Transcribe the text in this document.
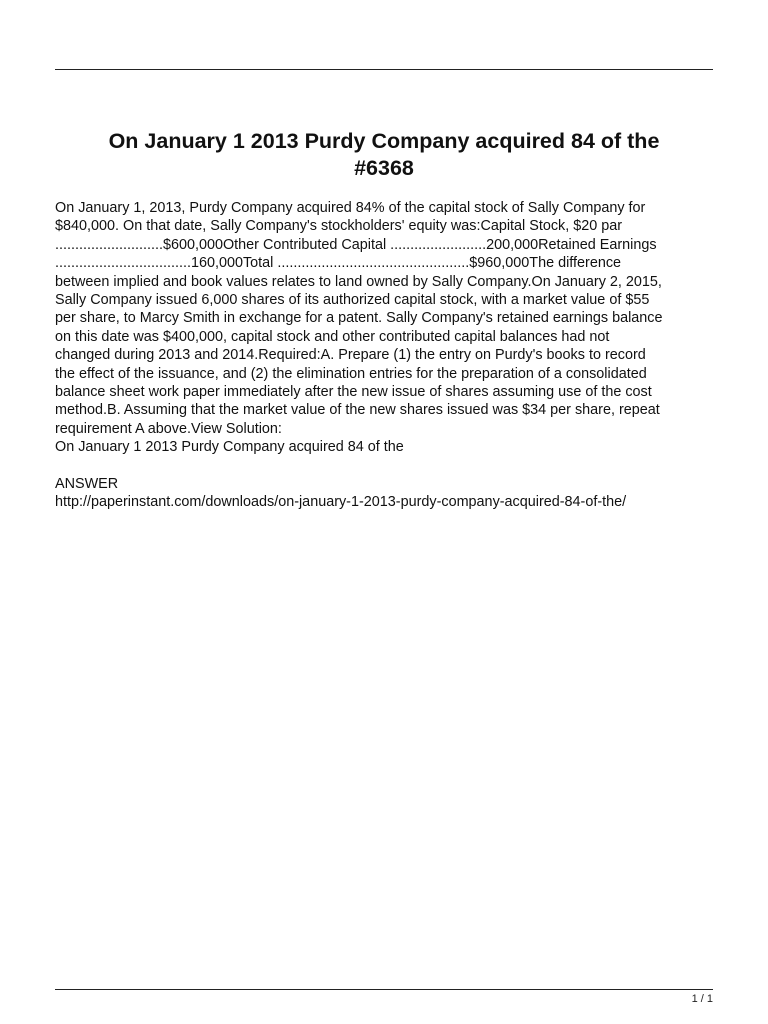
On January 1 2013 Purdy Company acquired 84 of the
#6368
On January 1, 2013, Purdy Company acquired 84% of the capital stock of Sally Company for
$840,000. On that date, Sally Company's stockholders' equity was:Capital Stock, $20 par
...........................$600,000Other Contributed Capital ........................200,000Retained Earnings
..................................160,000Total ................................................$960,000The difference
between implied and book values relates to land owned by Sally Company.On January 2, 2015,
Sally Company issued 6,000 shares of its authorized capital stock, with a market value of $55
per share, to Marcy Smith in exchange for a patent. Sally Company's retained earnings balance
on this date was $400,000, capital stock and other contributed capital balances had not
changed during 2013 and 2014.Required:A. Prepare (1) the entry on Purdy's books to record
the effect of the issuance, and (2) the elimination entries for the preparation of a consolidated
balance sheet work paper immediately after the new issue of shares assuming use of the cost
method.B. Assuming that the market value of the new shares issued was $34 per share, repeat
requirement A above.View Solution:
On January 1 2013 Purdy Company acquired 84 of the
ANSWER
http://paperinstant.com/downloads/on-january-1-2013-purdy-company-acquired-84-of-the/
1 / 1
